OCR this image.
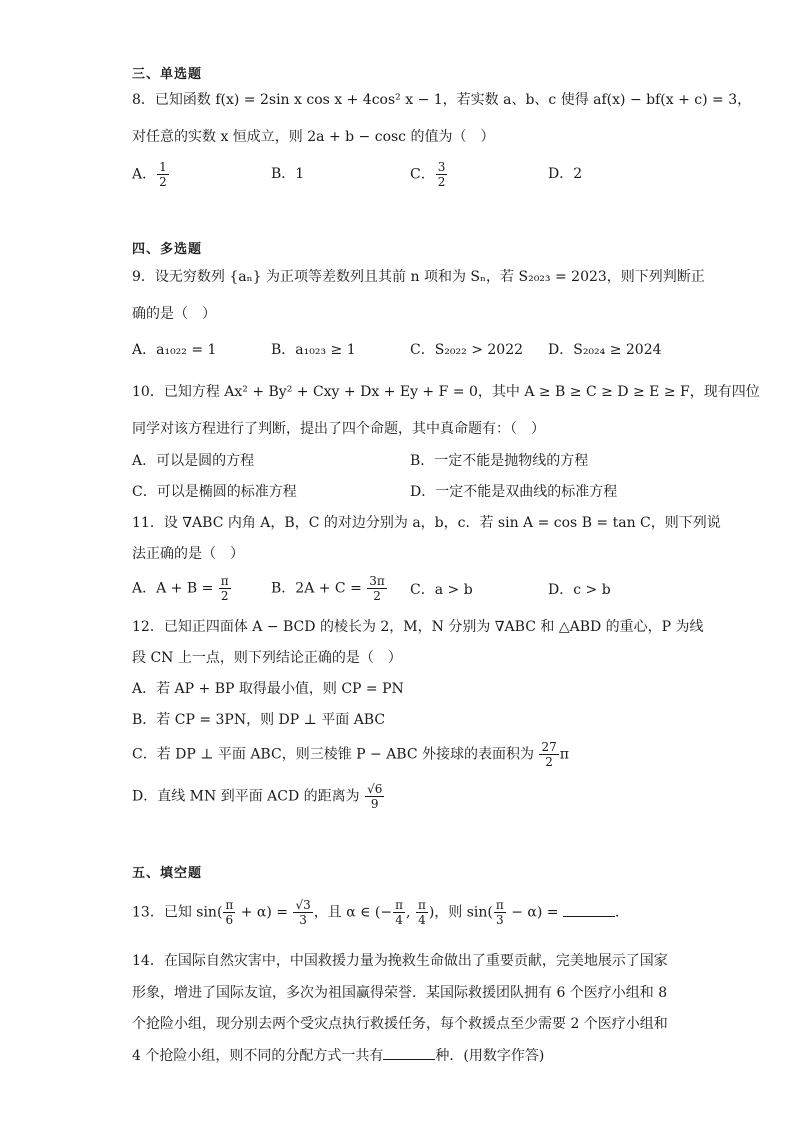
三、单选题
8．已知函数 f(x) = 2sin x cos x + 4cos² x − 1，若实数 a、b、c 使得 af(x) − bf(x + c) = 3，
对任意的实数 x 恒成立，则 2a + b − cosc 的值为（　）
A． $\frac{1}{2}$	B．1	C． $\frac{3}{2}$	D．2
四、多选题
9．设无穷数列 {aₙ} 为正项等差数列且其前 n 项和为 Sₙ，若 S₂₀₂₃ = 2023，则下列判断正
确的是（　）
A．a₁₀₂₂ = 1	B．a₁₀₂₃ ≥ 1	C．S₂₀₂₂ > 2022 D．S₂₀₂₄ ≥ 2024
10．已知方程 Ax² + By² + Cxy + Dx + Ey + F = 0，其中 A ≥ B ≥ C ≥ D ≥ E ≥ F，现有四位
同学对该方程进行了判断，提出了四个命题，其中真命题有：（　）
A．可以是圆的方程	B．一定不能是抛物线的方程
C．可以是椭圆的标准方程	D．一定不能是双曲线的标准方程
11．设 ∇ABC 内角 A，B，C 的对边分别为 a，b，c．若 sin A = cos B = tan C，则下列说
法正确的是（　）
A．$A + B = \frac{\pi}{2}$	B．$2A + C = \frac{3\pi}{2}$ C．a > b	D．c > b
12．已知正四面体 A − BCD 的棱长为 2，M，N 分别为 ∇ABC 和 △ABD 的重心，P 为线
段 CN 上一点，则下列结论正确的是（　）
A．若 AP + BP 取得最小值，则 CP = PN
B．若 CP = 3PN，则 DP ⊥ 平面 ABC
C．若 DP ⊥ 平面 ABC，则三棱锥 P − ABC 外接球的表面积为 $\frac{27}{2}$ π
D．直线 MN 到平面 ACD 的距离为 $\frac{√6}{9}$
五、填空题
13．已知 $\sin( \frac{\pi}{6} + \alpha) = \frac{√3}{3}$ ，且 α ∈ (− $\frac{\pi}{4}$ , $\frac{\pi}{4}$ )，则 $\sin( \frac{\pi}{3} - \alpha)$ =	．
14．在国际自然灾害中，中国救援力量为挽救生命做出了重要贡献，完美地展示了国家
形象，增进了国际友谊，多次为祖国赢得荣誉．某国际救援团队拥有 6 个医疗小组和 8
个抢险小组，现分别去两个受灾点执行救援任务，每个救援点至少需要 2 个医疗小组和
4 个抢险小组，则不同的分配方式一共有	种．(用数字作答)
